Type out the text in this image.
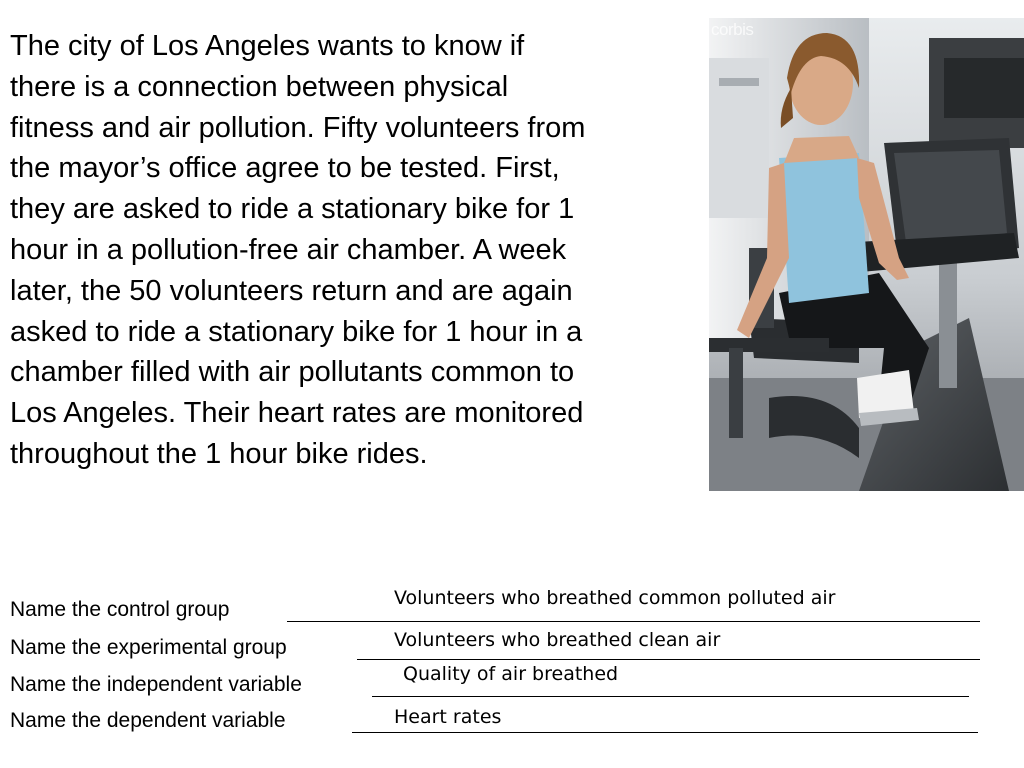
The city of Los Angeles wants to know if
there is a connection between physical
fitness and air pollution. Fifty volunteers from
the mayor’s office agree to be tested. First,
they are asked to ride a stationary bike for 1
hour in a pollution-free air chamber. A week
later, the 50 volunteers return and are again
asked to ride a stationary bike for 1 hour in a
chamber filled with air pollutants common to
Los Angeles. Their heart rates are monitored
throughout the 1 hour bike rides.
corbis
Name the control group	Volunteers who breathed common polluted air
Name the experimental group	Volunteers who breathed clean air
Name the independent variable	Quality of air breathed
Name the dependent variable	Heart rates
